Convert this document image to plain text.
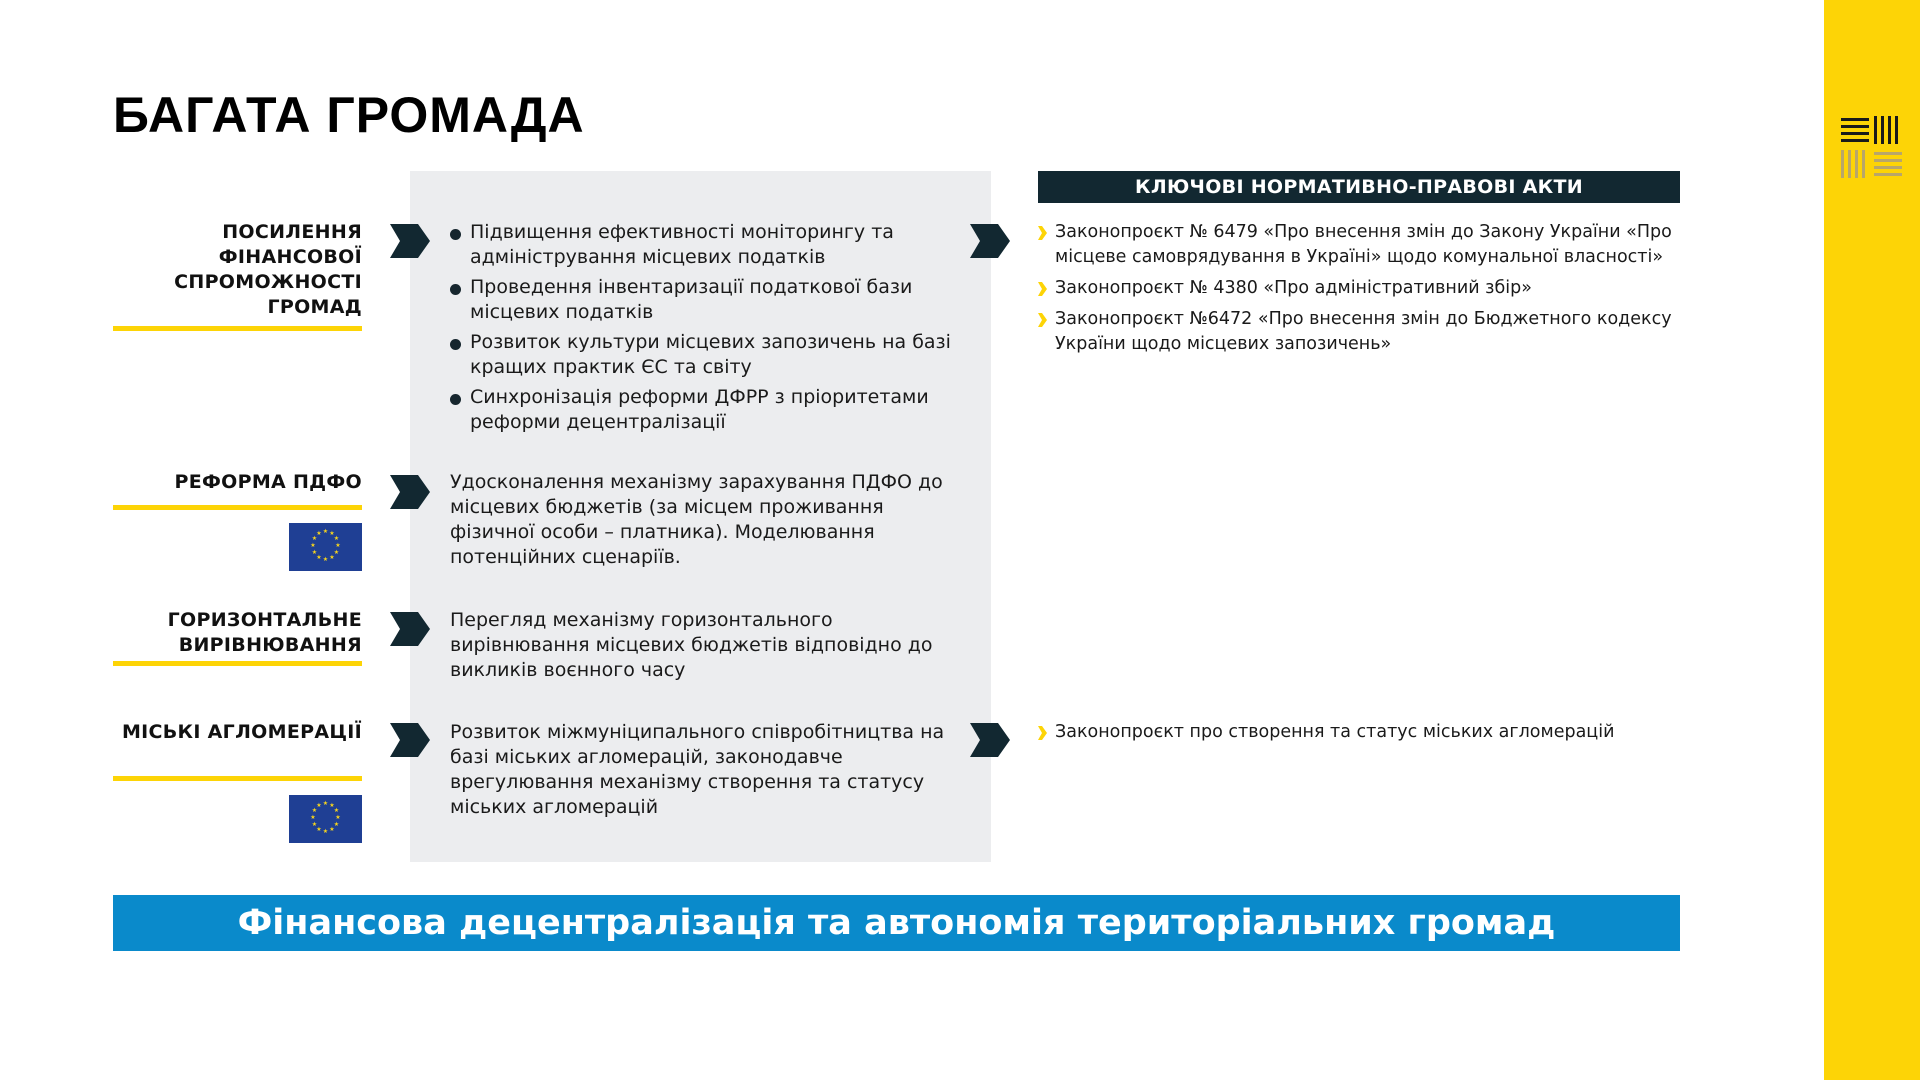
БАГАТА ГРОМАДА
ПОСИЛЕННЯ ФІНАНСОВОЇ СПРОМОЖНОСТІ ГРОМАД
Підвищення ефективності моніторингу та адміністрування місцевих податків
Проведення інвентаризації податкової бази місцевих податків
Розвиток культури місцевих запозичень на базі кращих практик ЄС та світу
Синхронізація реформи ДФРР з пріоритетами реформи децентралізації
КЛЮЧОВІ НОРМАТИВНО-ПРАВОВІ АКТИ
Законопроєкт № 6479 «Про внесення змін до Закону України «Про місцеве самоврядування в Україні» щодо комунальної власності»
Законопроєкт № 4380 «Про адміністративний збір»
Законопроєкт №6472 «Про внесення змін до Бюджетного кодексу України щодо місцевих запозичень»
РЕФОРМА ПДФО
★ ★
★
★
★
★
★
★
★
★
★
★
Удосконалення механізму зарахування ПДФО до місцевих бюджетів (за місцем проживання фізичної особи – платника). Моделювання потенційних сценаріїв.
ГОРИЗОНТАЛЬНЕ ВИРІВНЮВАННЯ
Перегляд механізму горизонтального вирівнювання місцевих бюджетів відповідно до викликів воєнного часу
МІСЬКІ АГЛОМЕРАЦІЇ
★ ★
★
★
★
★
★
★
★
★
★
★
Розвиток міжмуніципального співробітництва на базі міських агломерацій, законодавче врегулювання механізму створення та статусу міських агломерацій
Законопроєкт про створення та статус міських агломерацій
Фінансова децентралізація та автономія територіальних громад
